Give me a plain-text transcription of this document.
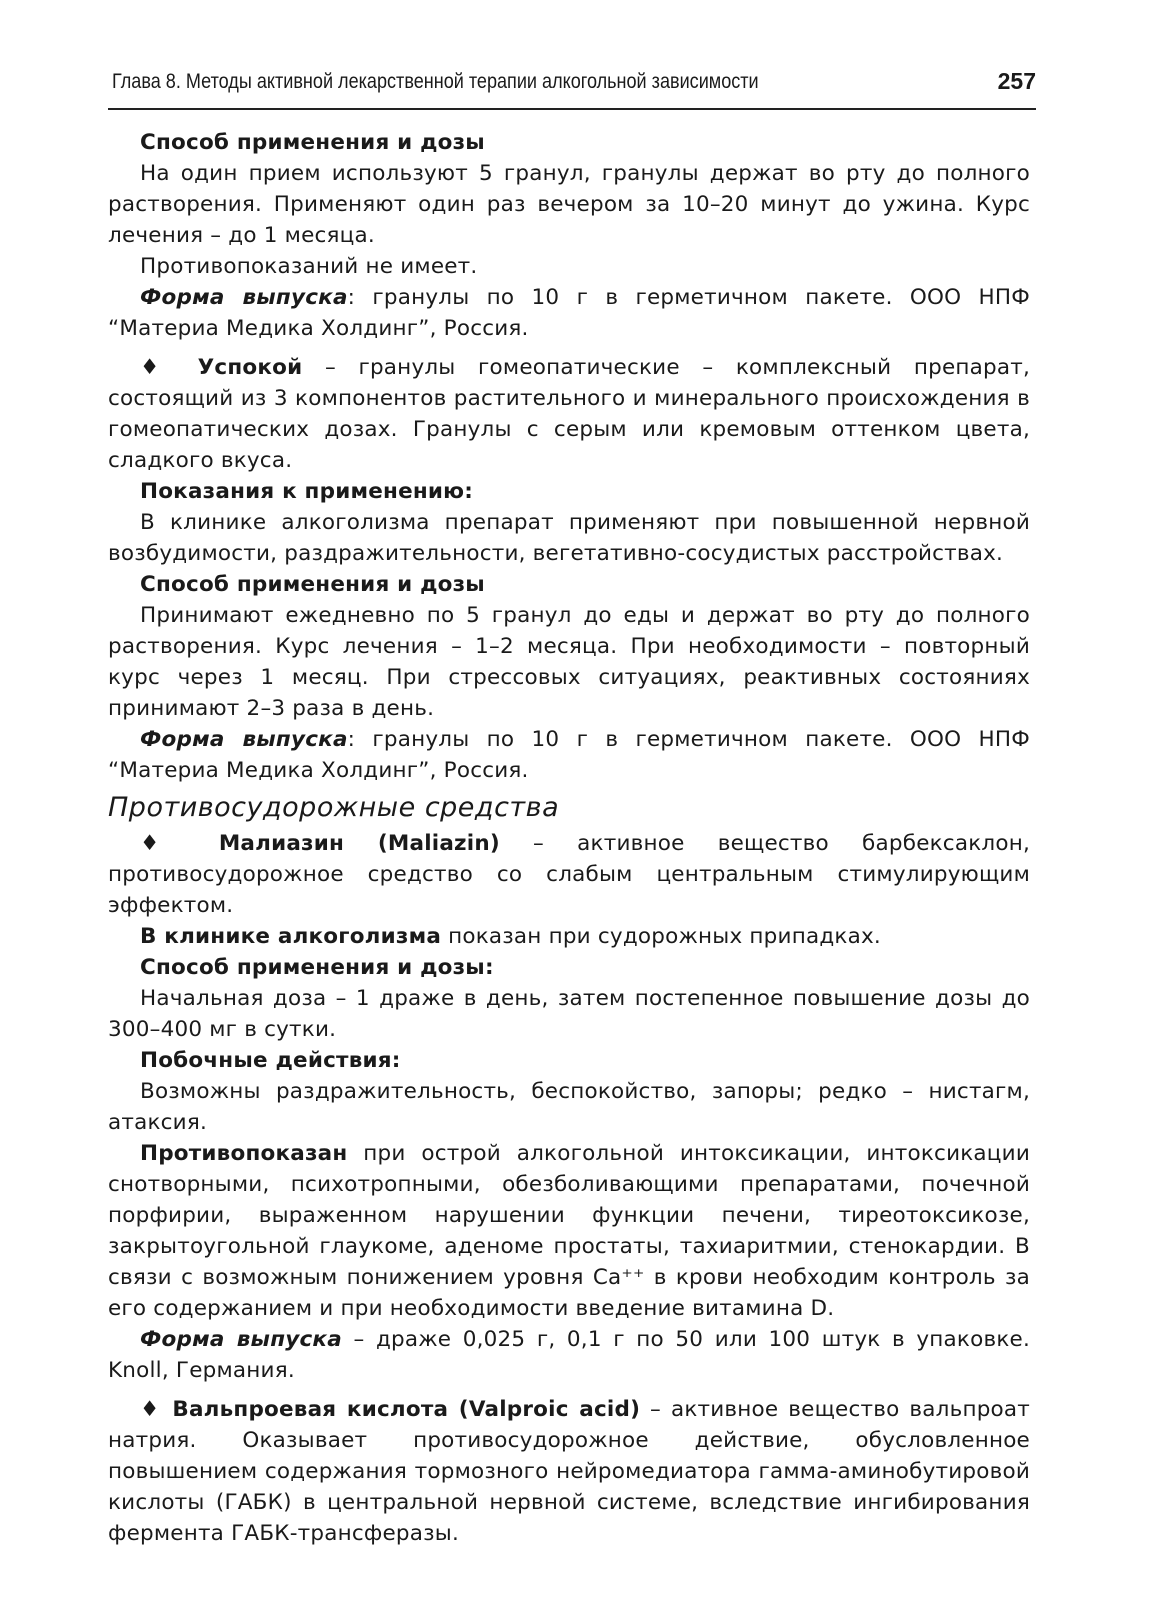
Глава 8. Методы активной лекарственной терапии алкогольной зависимости	257

Способ применения и дозы

На один прием используют 5 гранул, гранулы держат во рту до полного растворения. Применяют один раз вечером за 10–20 минут до ужина. Курс лечения – до 1 месяца.

Противопоказаний не имеет.

Форма выпуска: гранулы по 10 г в герметичном пакете. ООО НПФ “Материа Медика Холдинг”, Россия.

♦ Успокой – гранулы гомеопатические – комплексный препарат, состоящий из 3 компонентов растительного и минерального происхождения в гомеопатических дозах. Гранулы с серым или кремовым оттенком цвета, сладкого вкуса.

Показания к применению:

В клинике алкоголизма препарат применяют при повышенной нервной возбудимости, раздражительности, вегетативно-сосудистых расстройствах.

Способ применения и дозы

Принимают ежедневно по 5 гранул до еды и держат во рту до полного растворения. Курс лечения – 1–2 месяца. При необходимости – повторный курс через 1 месяц. При стрессовых ситуациях, реактивных состояниях принимают 2–3 раза в день.

Форма выпуска: гранулы по 10 г в герметичном пакете. ООО НПФ “Материа Медика Холдинг”, Россия.

Противосудорожные средства

♦ Малиазин (Maliazin) – активное вещество барбексаклон, противосудорожное средство со слабым центральным стимулирующим эффектом.

В клинике алкоголизма показан при судорожных припадках.

Способ применения и дозы:

Начальная доза – 1 драже в день, затем постепенное повышение дозы до 300–400 мг в сутки.

Побочные действия:

Возможны раздражительность, беспокойство, запоры; редко – нистагм, атаксия.

Противопоказан при острой алкогольной интоксикации, интоксикации снотворными, психотропными, обезболивающими препаратами, почечной порфирии, выраженном нарушении функции печени, тиреотоксикозе, закрытоугольной глаукоме, аденоме простаты, тахиаритмии, стенокардии. В связи с возможным понижением уровня Ca⁺⁺ в крови необходим контроль за его содержанием и при необходимости введение витамина D.

Форма выпуска – драже 0,025 г, 0,1 г по 50 или 100 штук в упаковке. Knoll, Германия.

♦ Вальпроевая кислота (Valproic acid) – активное вещество вальпроат натрия. Оказывает противосудорожное действие, обусловленное повышением содержания тормозного нейромедиатора гамма-аминобутировой кислоты (ГАБК) в центральной нервной системе, вследствие ингибирования фермента ГАБК-трансферазы.
